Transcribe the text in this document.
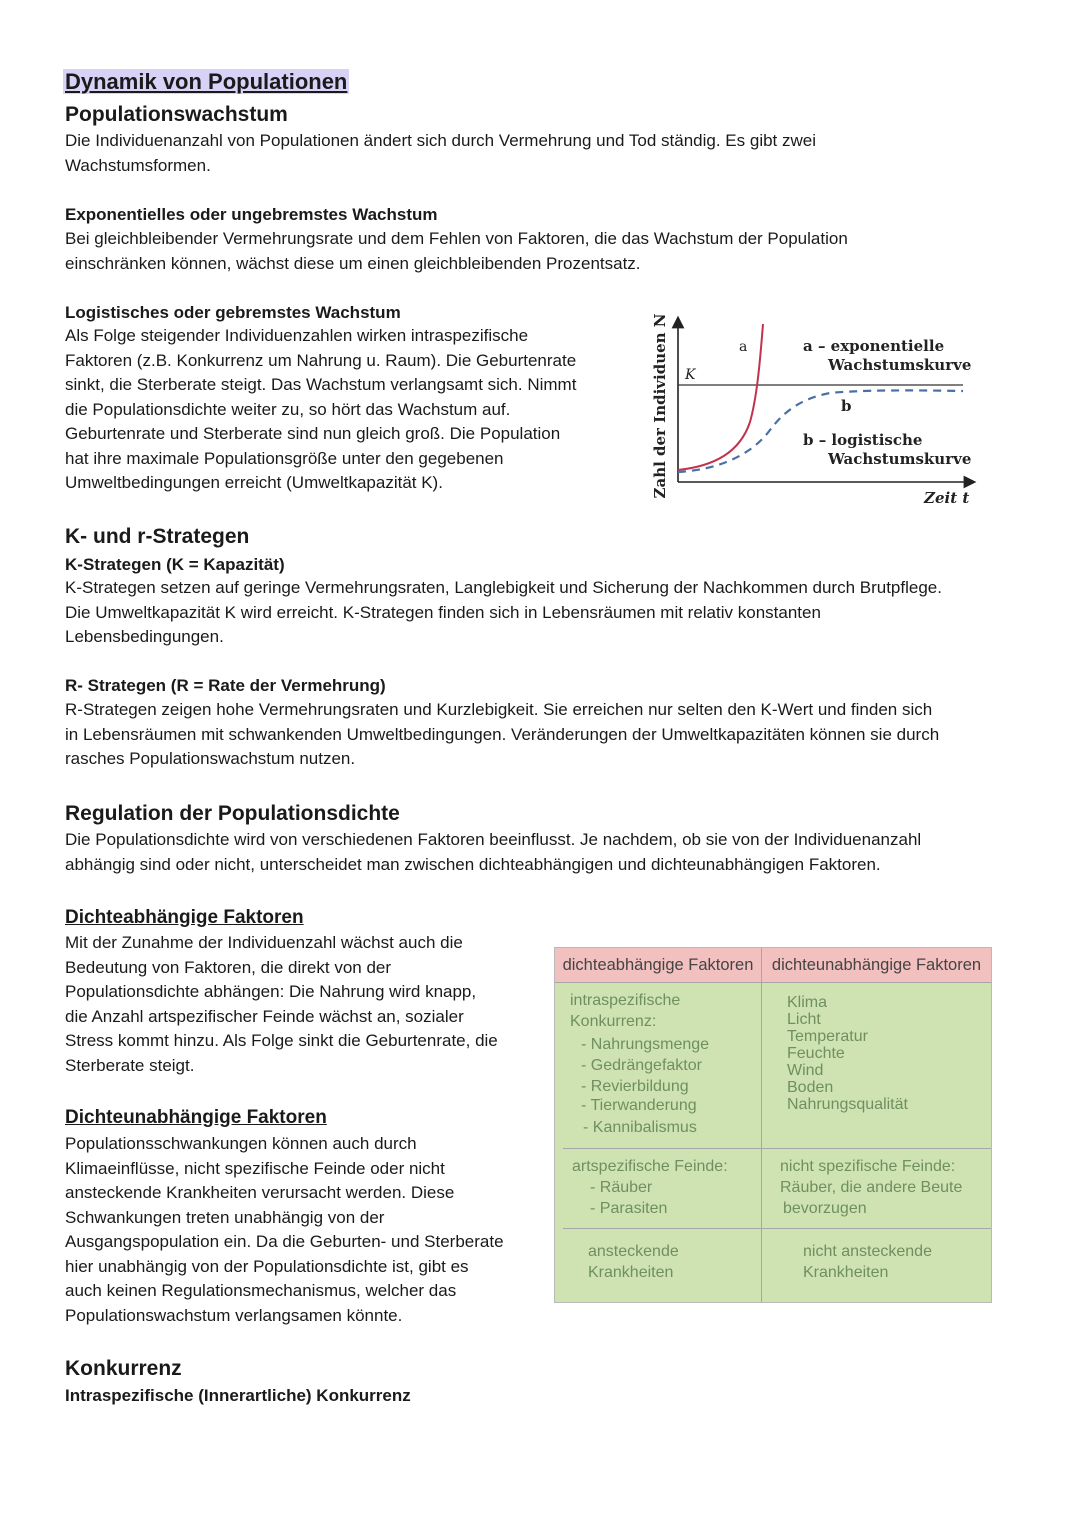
Dynamik von Populationen
Populationswachstum
Die Individuenanzahl von Populationen ändert sich durch Vermehrung und Tod ständig. Es gibt zwei
Wachstumsformen.
Exponentielles oder ungebremstes Wachstum
Bei gleichbleibender Vermehrungsrate und dem Fehlen von Faktoren, die das Wachstum der Population
einschränken können, wächst diese um einen gleichbleibenden Prozentsatz.
Logistisches oder gebremstes Wachstum
Als Folge steigender Individuenzahlen wirken intraspezifische
Faktoren (z.B. Konkurrenz um Nahrung u. Raum). Die Geburtenrate
sinkt, die Sterberate steigt. Das Wachstum verlangsamt sich. Nimmt
die Populationsdichte weiter zu, so hört das Wachstum auf.
Geburtenrate und Sterberate sind nun gleich groß. Die Population
hat ihre maximale Populationsgröße unter den gegebenen
Umweltbedingungen erreicht (Umweltkapazität K).	Zahl der Individuen N K
a
b
a – exponentielle
Wachstumskurve
b – logistische
Wachstumskurve
Zeit t
K- und r-Strategen
K-Strategen (K = Kapazität)
K-Strategen setzen auf geringe Vermehrungsraten, Langlebigkeit und Sicherung der Nachkommen durch Brutpflege.
Die Umweltkapazität K wird erreicht. K-Strategen finden sich in Lebensräumen mit relativ konstanten
Lebensbedingungen.
R- Strategen (R = Rate der Vermehrung)
R-Strategen zeigen hohe Vermehrungsraten und Kurzlebigkeit. Sie erreichen nur selten den K-Wert und finden sich
in Lebensräumen mit schwankenden Umweltbedingungen. Veränderungen der Umweltkapazitäten können sie durch
rasches Populationswachstum nutzen.
Regulation der Populationsdichte
Die Populationsdichte wird von verschiedenen Faktoren beeinflusst. Je nachdem, ob sie von der Individuenanzahl
abhängig sind oder nicht, unterscheidet man zwischen dichteabhängigen und dichteunabhängigen Faktoren.
Dichteabhängige Faktoren
Mit der Zunahme der Individuenzahl wächst auch die
Bedeutung von Faktoren, die direkt von der
Populationsdichte abhängen: Die Nahrung wird knapp,
die Anzahl artspezifischer Feinde wächst an, sozialer
Stress kommt hinzu. Als Folge sinkt die Geburtenrate, die
Sterberate steigt.
Dichteunabhängige Faktoren
Populationsschwankungen können auch durch
Klimaeinflüsse, nicht spezifische Feinde oder nicht
ansteckende Krankheiten verursacht werden. Diese
Schwankungen treten unabhängig von der
Ausgangspopulation ein. Da die Geburten- und Sterberate
hier unabhängig von der Populationsdichte ist, gibt es
auch keinen Regulationsmechanismus, welcher das
Populationswachstum verlangsamen könnte.
dichteabhängige Faktoren	dichteunabhängige Faktoren
intraspezifische
Konkurrenz:
- Nahrungsmenge
- Gedrängefaktor
- Revierbildung
- Tierwanderung
- Kannibalismus
Klima
Licht
Temperatur
Feuchte
Wind
Boden
Nahrungsqualität
artspezifische Feinde:
- Räuber
- Parasiten
nicht spezifische Feinde:
Räuber, die andere Beute
bevorzugen
ansteckende
Krankheiten
nicht ansteckende
Krankheiten
Konkurrenz
Intraspezifische (Innerartliche) Konkurrenz
